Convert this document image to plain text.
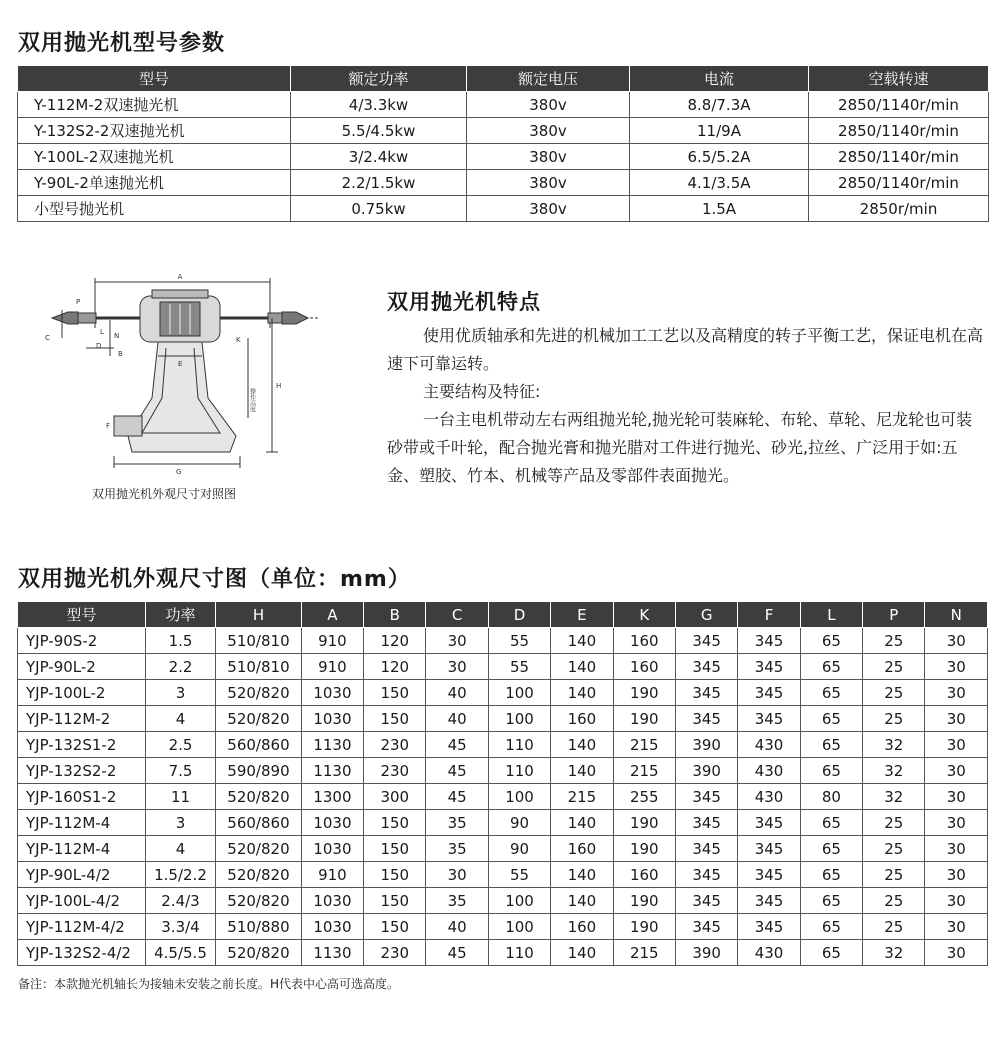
双用抛光机型号参数
型号	额定功率	额定电压	电流	空载转速
Y-112M-2双速抛光机	4/3.3kw	380v	8.8/7.3A	2850/1140r/min
Y-132S2-2双速抛光机	5.5/4.5kw	380v	11/9A	2850/1140r/min
Y-100L-2双速抛光机	3/2.4kw	380v	6.5/5.2A	2850/1140r/min
Y-90L-2单速抛光机	2.2/1.5kw	380v	4.1/3.5A	2850/1140r/min
小型号抛光机	0.75kw	380v	1.5A	2850r/min
A
B
C
D
E
F
G
H
K
L N
P
操作高度
双用抛光机外观尺寸对照图
双用抛光机特点

使用优质轴承和先进的机械加工工艺以及高精度的转子平衡工艺，保证电机在高速下可靠运转。

主要结构及特征:

一台主电机带动左右两组抛光轮,抛光轮可装麻轮、布轮、草轮、尼龙轮也可装砂带或千叶轮，配合抛光膏和抛光腊对工件进行抛光、砂光,拉丝、广泛用于如:五金、塑胶、竹本、机械等产品及零部件表面抛光。

双用抛光机外观尺寸图（单位：mm）
型号	功率	H	A	B	C	D	E	K	G	F	L	P	N
YJP-90S-2	1.5	510/810	910	120	30	55	140	160	345	345	65	25	30
YJP-90L-2	2.2	510/810	910	120	30	55	140	160	345	345	65	25	30
YJP-100L-2	3	520/820	1030	150	40	100	140	190	345	345	65	25	30
YJP-112M-2	4	520/820	1030	150	40	100	160	190	345	345	65	25	30
YJP-132S1-2	2.5	560/860	1130	230	45	110	140	215	390	430	65	32	30
YJP-132S2-2	7.5	590/890	1130	230	45	110	140	215	390	430	65	32	30
YJP-160S1-2	11	520/820	1300	300	45	100	215	255	345	430	80	32	30
YJP-112M-4	3	560/860	1030	150	35	90	140	190	345	345	65	25	30
YJP-112M-4	4	520/820	1030	150	35	90	160	190	345	345	65	25	30
YJP-90L-4/2	1.5/2.2	520/820	910	150	30	55	140	160	345	345	65	25	30
YJP-100L-4/2	2.4/3	520/820	1030	150	35	100	140	190	345	345	65	25	30
YJP-112M-4/2	3.3/4	510/880	1030	150	40	100	160	190	345	345	65	25	30
YJP-132S2-4/2	4.5/5.5	520/820	1130	230	45	110	140	215	390	430	65	32	30
备注：本款抛光机轴长为接轴未安装之前长度。H代表中心高可选高度。
